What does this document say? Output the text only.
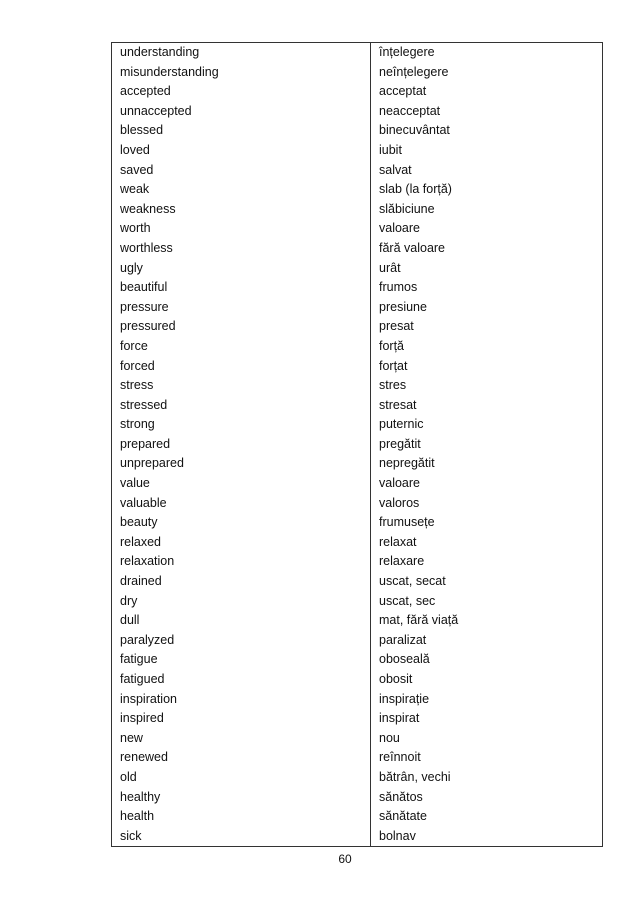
understanding	înțelegere
misunderstanding	neînțelegere
accepted	acceptat
unnaccepted	neacceptat
blessed	binecuvântat
loved	iubit
saved	salvat
weak	slab (la forță)
weakness	slăbiciune
worth	valoare
worthless	fără valoare
ugly	urât
beautiful	frumos
pressure	presiune
pressured	presat
force	forță
forced	forțat
stress	stres
stressed	stresat
strong	puternic
prepared	pregătit
unprepared	nepregătit
value	valoare
valuable	valoros
beauty	frumusețe
relaxed	relaxat
relaxation	relaxare
drained	uscat, secat
dry	uscat, sec
dull	mat, fără viață
paralyzed	paralizat
fatigue	oboseală
fatigued	obosit
inspiration	inspirație
inspired	inspirat
new	nou
renewed	reînnoit
old	bătrân, vechi
healthy	sănătos
health	sănătate
sick	bolnav
60
